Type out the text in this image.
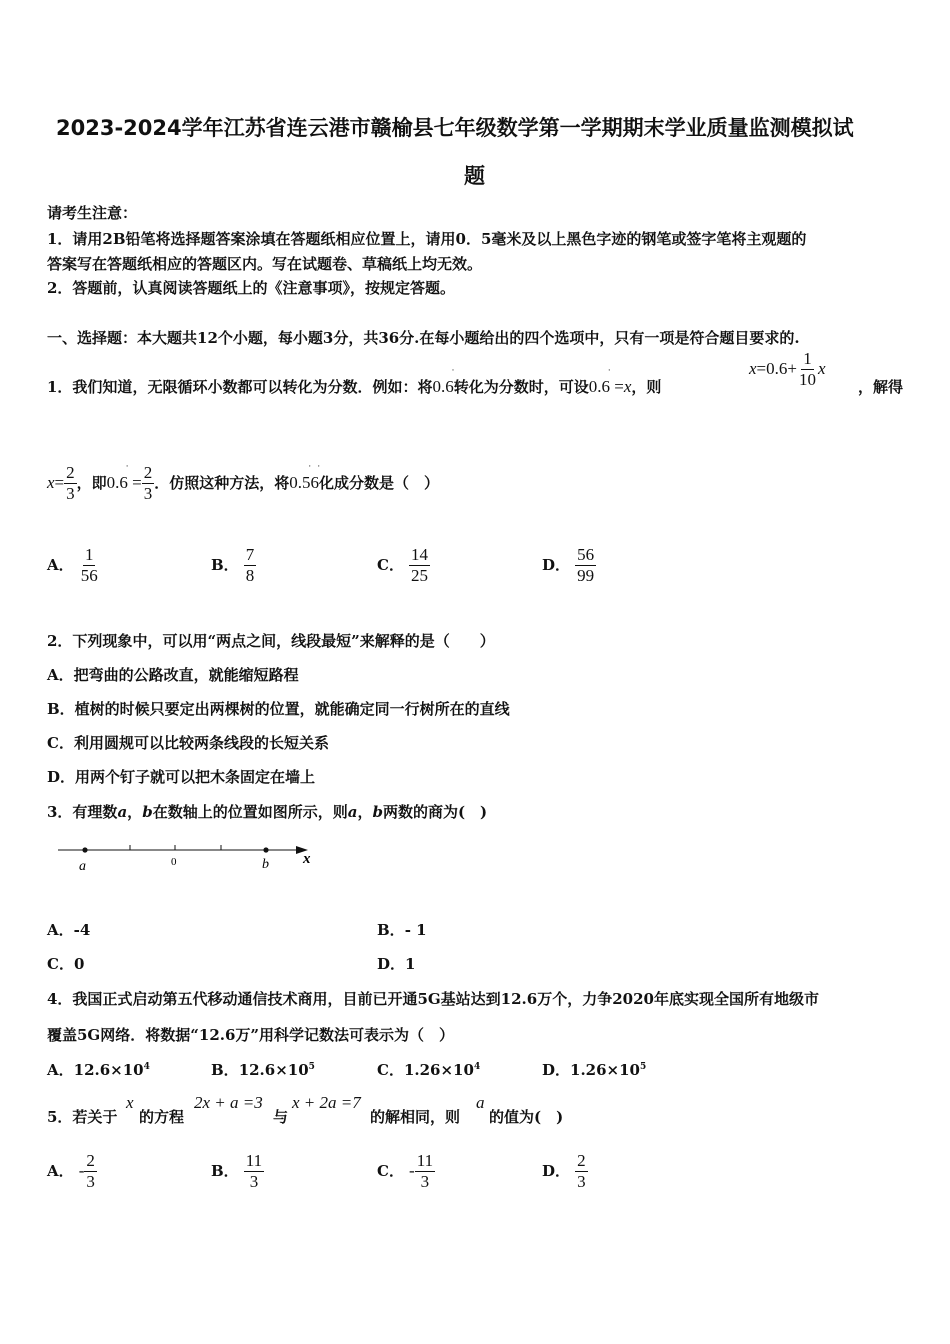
2023-2024学年江苏省连云港市赣榆县七年级数学第一学期期末学业质量监测模拟试
题
请考生注意：
1．请用2B铅笔将选择题答案涂填在答题纸相应位置上，请用0．5毫米及以上黑色字迹的钢笔或签字笔将主观题的
答案写在答题纸相应的答题区内。写在试题卷、草稿纸上均无效。
2．答题前，认真阅读答题纸上的《注意事项》，按规定答题。
一、选择题：本大题共12个小题，每小题3分，共36分.在每小题给出的四个选项中，只有一项是符合题目要求的.
1．我们知道，无限循环小数都可以转化为分数．例如：将0.6
·
转化为分数时，可设0.6
·
=x，则
$x=0.6+ \frac{1}{10}$ x
，解得
$x= \frac{2}{3}$ ，即0.6
·
= $\frac{2}{3}$ ．仿照这种方法，将0.56
· ·
化成分数是（　）
A． $\frac{1}{56}$	B． $\frac{7}{8}$	C． $\frac{14}{25}$	D． $\frac{56}{99}$
2．下列现象中，可以用“两点之间，线段最短”来解释的是（　　）
A．把弯曲的公路改直，就能缩短路程
B．植树的时候只要定出两棵树的位置，就能确定同一行树所在的直线
C．利用圆规可以比较两条线段的长短关系
D．用两个钉子就可以把木条固定在墙上
3．有理数a，b在数轴上的位置如图所示，则a，b两数的商为(　)
a	0	b x
A．-4	B．- 1
C．0	D．1
4．我国正式启动第五代移动通信技术商用，目前已开通5G基站达到12.6万个，力争2020年底实现全国所有地级市
覆盖5G网络．将数据“12.6万”用科学记数法可表示为（　）
A．$12.6\times 10^4$	B．$12.6\times 10^5$	C．$1.26\times 10^4$	D．$1.26\times 10^5$
5．若关于
x
的方程
2x + a =3
与
x + 2a =7
的解相同，则
a
的值为(　)
A． - $\frac{2}{3}$	B． $\frac{11}{3}$	C． - $\frac{11}{3}$	D． $\frac{2}{3}$
